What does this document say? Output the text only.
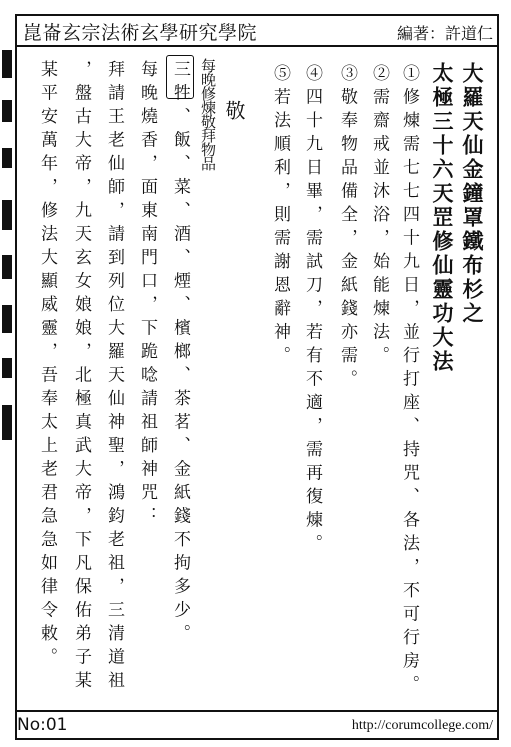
崑崙玄宗法術玄學研究學院	編著：許道仁
大羅天仙金鐘罩鐵布杉之
太極三十六天罡修仙靈功大法
①修煉需七七四十九日，並行打座、持咒、各法，不可行房。
②需齋戒並沐浴，始能煉法。
③敬奉物品備全，金紙錢亦需。
④四十九日畢，需試刀，若有不適，需再復煉。
⑤若法順利，則需謝恩辭神。
敬
每晚修煉敬拜物品
三牲、飯、菜、酒、煙、檳榔、茶茗、金紙錢不拘多少。
每晚燒香，面東南門口，下跪唸請祖師神咒：
拜請王老仙師，請到列位大羅天仙神聖，鴻鈞老祖，三清道祖
，盤古大帝，九天玄女娘娘，北極真武大帝，下凡保佑弟子某
某平安萬年，修法大顯威靈，吾奉太上老君急急如律令敕。
No:01	http://corumcollege.com/
